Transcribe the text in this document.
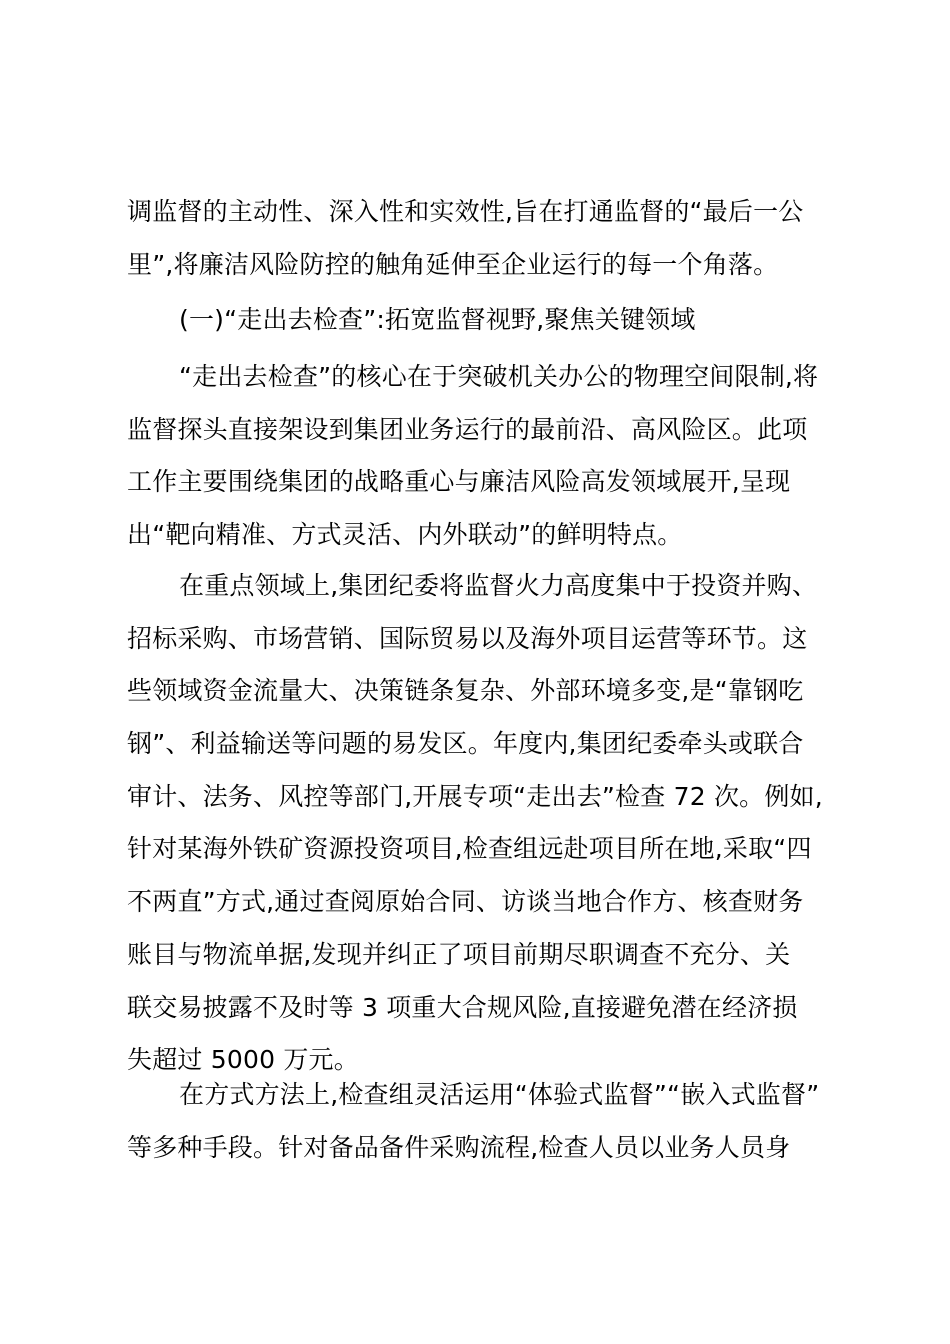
调监督的主动性、深入性和实效性,旨在打通监督的“最后一公
里”,将廉洁风险防控的触角延伸至企业运行的每一个角落。
(一)“走出去检查”:拓宽监督视野,聚焦关键领域
“走出去检查”的核心在于突破机关办公的物理空间限制,将
监督探头直接架设到集团业务运行的最前沿、高风险区。此项
工作主要围绕集团的战略重心与廉洁风险高发领域展开,呈现
出“靶向精准、方式灵活、内外联动”的鲜明特点。
在重点领域上,集团纪委将监督火力高度集中于投资并购、
招标采购、市场营销、国际贸易以及海外项目运营等环节。这
些领域资金流量大、决策链条复杂、外部环境多变,是“靠钢吃
钢”、利益输送等问题的易发区。年度内,集团纪委牵头或联合
审计、法务、风控等部门,开展专项“走出去”检查 72 次。例如,
针对某海外铁矿资源投资项目,检查组远赴项目所在地,采取“四
不两直”方式,通过查阅原始合同、访谈当地合作方、核查财务
账目与物流单据,发现并纠正了项目前期尽职调查不充分、关
联交易披露不及时等 3 项重大合规风险,直接避免潜在经济损
失超过 5000 万元。
在方式方法上,检查组灵活运用“体验式监督”“嵌入式监督”
等多种手段。针对备品备件采购流程,检查人员以业务人员身
